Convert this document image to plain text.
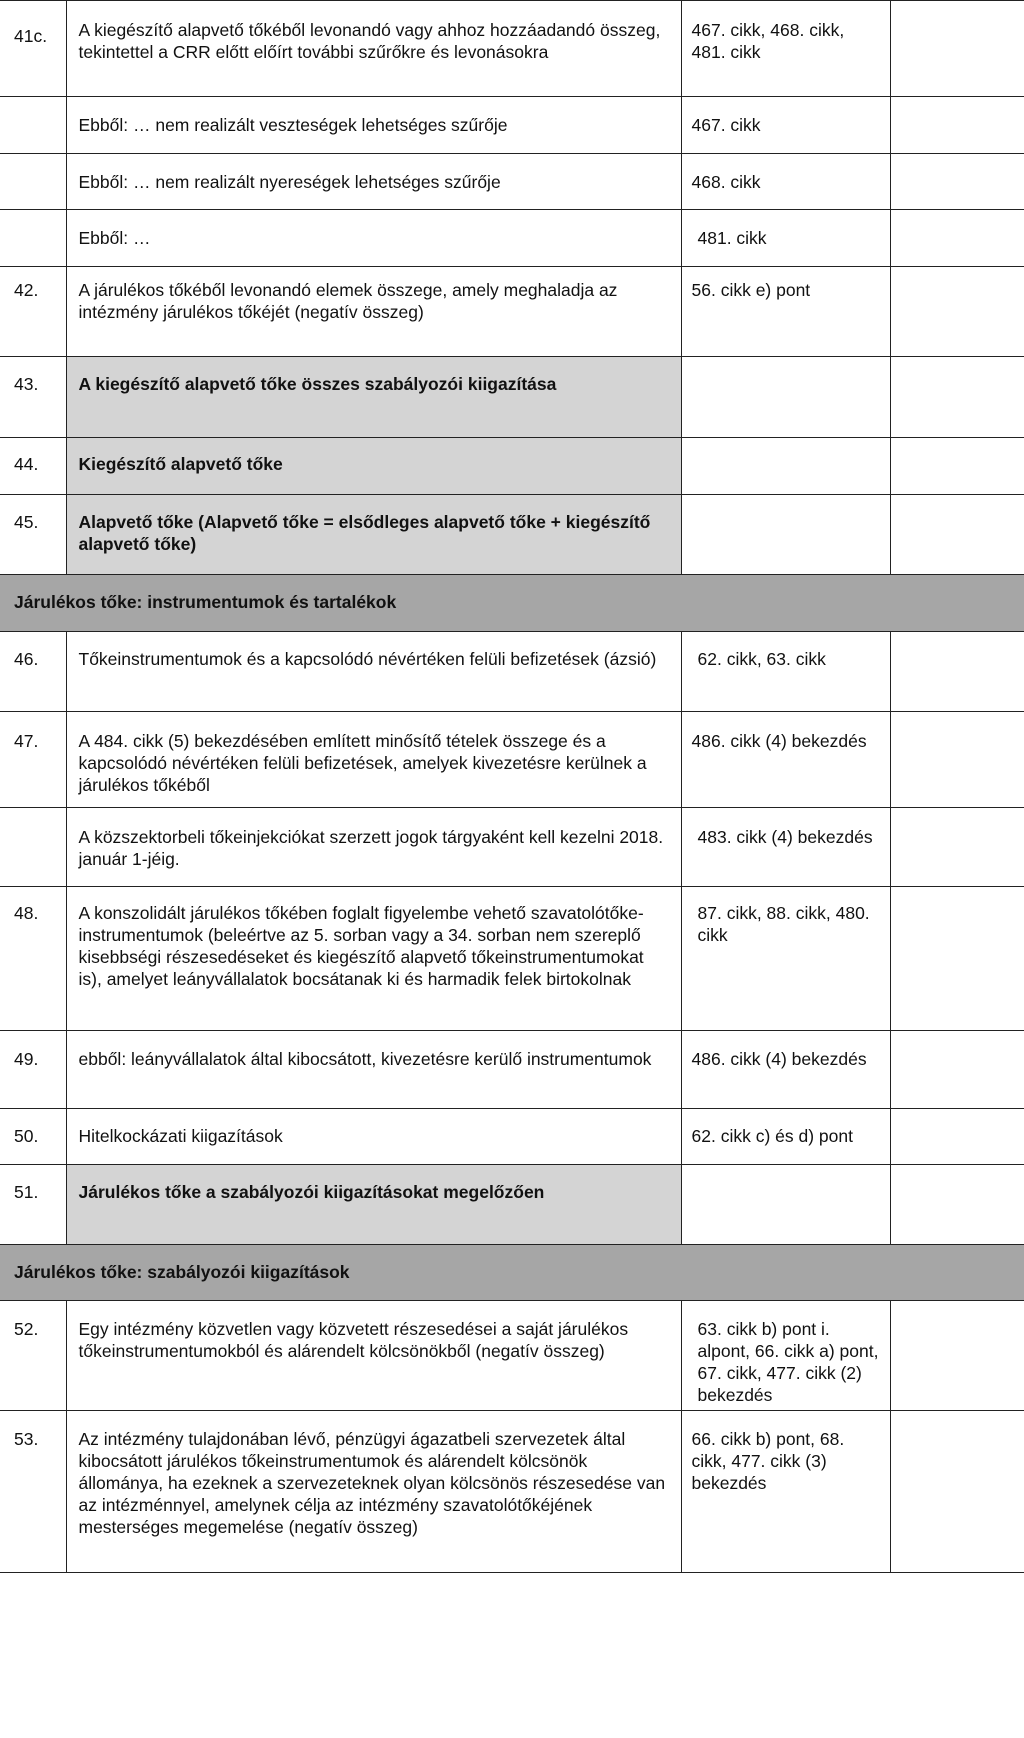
41c.	A kiegészítő alapvető tőkéből levonandó vagy ahhoz hozzáadandó összeg, tekintettel a CRR előtt előírt további szűrőkre és levonásokra	467. cikk, 468. cikk, 481. cikk	
	Ebből: … nem realizált veszteségek lehetséges szűrője	467. cikk	
	Ebből: … nem realizált nyereségek lehetséges szűrője	468. cikk	
	Ebből: …	481. cikk	
42.	A járulékos tőkéből levonandó elemek összege, amely meghaladja az intézmény járulékos tőkéjét (negatív összeg)	56. cikk e) pont	
43.	A kiegészítő alapvető tőke összes szabályozói kiigazítása		
44.	Kiegészítő alapvető tőke		
45.	Alapvető tőke (Alapvető tőke = elsődleges alapvető tőke + kiegészítő alapvető tőke)		
Járulékos tőke: instrumentumok és tartalékok			
46.	Tőkeinstrumentumok és a kapcsolódó névértéken felüli befizetések (ázsió)	62. cikk, 63. cikk	
47.	A 484. cikk (5) bekezdésében említett minősítő tételek összege és a kapcsolódó névértéken felüli befizetések, amelyek kivezetésre kerülnek a járulékos tőkéből	486. cikk (4) bekezdés	
	A közszektorbeli tőkeinjekciókat szerzett jogok tárgyaként kell kezelni 2018. január 1-jéig.	483. cikk (4) bekezdés	
48.	A konszolidált járulékos tőkében foglalt figyelembe vehető szavatolótőke-instrumentumok (beleértve az 5. sorban vagy a 34. sorban nem szereplő kisebbségi részesedéseket és kiegészítő alapvető tőkeinstrumentumokat is), amelyet leányvállalatok bocsátanak ki és harmadik felek birtokolnak	87. cikk, 88. cikk, 480. cikk	
49.	ebből: leányvállalatok által kibocsátott, kivezetésre kerülő instrumentumok	486. cikk (4) bekezdés	
50.	Hitelkockázati kiigazítások	62. cikk c) és d) pont	
51.	Járulékos tőke a szabályozói kiigazításokat megelőzően		
Járulékos tőke: szabályozói kiigazítások			
52.	Egy intézmény közvetlen vagy közvetett részesedései a saját járulékos tőkeinstrumentumokból és alárendelt kölcsönökből (negatív összeg)	63. cikk b) pont i. alpont, 66. cikk a) pont, 67. cikk, 477. cikk (2) bekezdés	
53.	Az intézmény tulajdonában lévő, pénzügyi ágazatbeli szervezetek által kibocsátott járulékos tőkeinstrumentumok és alárendelt kölcsönök állománya, ha ezeknek a szervezeteknek olyan kölcsönös részesedése van az intézménnyel, amelynek célja az intézmény szavatolótőkéjének mesterséges megemelése (negatív összeg)	66. cikk b) pont, 68. cikk, 477. cikk (3) bekezdés	
